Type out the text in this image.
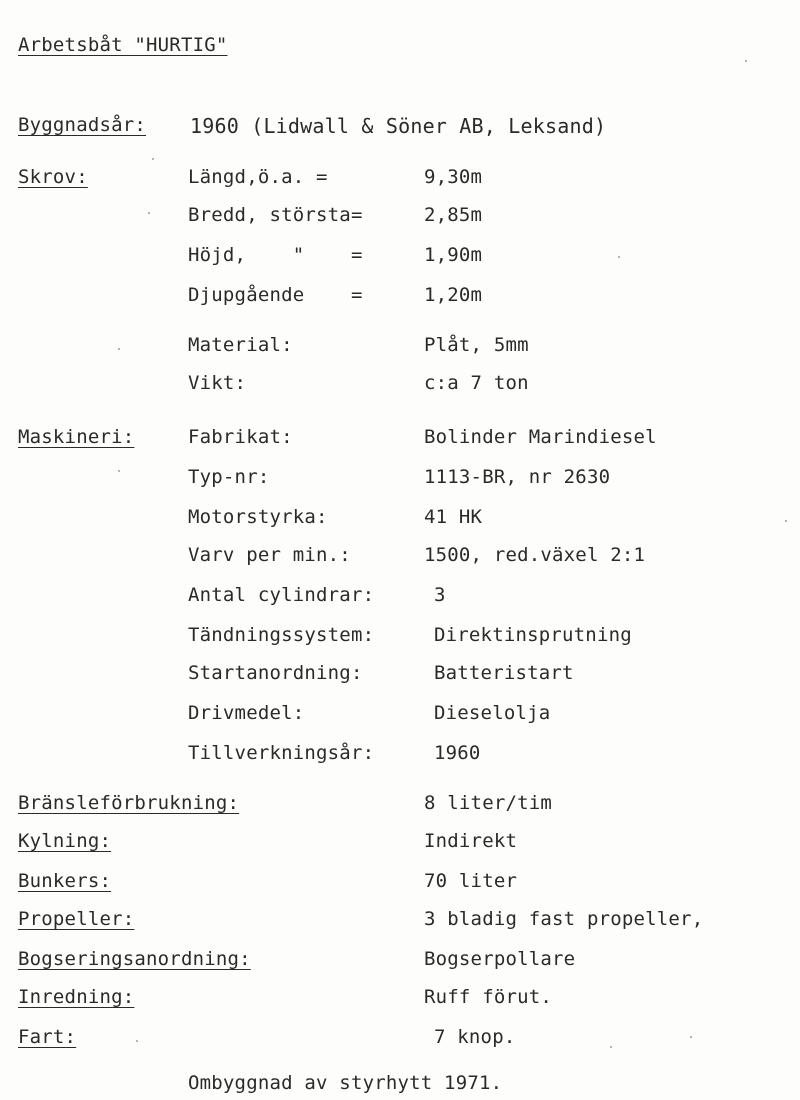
Arbetsbåt "HURTIG"
Byggnadsår: 1960 (Lidwall & Söner AB, Leksand)
Skrov:	Längd,ö.a. =	9,30m
Bredd, största=	2,85m
Höjd,    "    =	1,90m
Djupgående    =	1,20m
Material:	Plåt, 5mm
Vikt:	c:a 7 ton
Maskineri:	Fabrikat:	Bolinder Marindiesel
Typ-nr:	1113-BR, nr 2630
Motorstyrka:	41 HK
Varv per min.:	1500, red.växel 2:1
Antal cylindrar:	3
Tändningssystem:	Direktinsprutning
Startanordning:	Batteristart
Drivmedel:	Dieselolja
Tillverkningsår:	1960
Bränsleförbrukning:	8 liter/tim
Kylning:	Indirekt
Bunkers:	70 liter
Propeller:	3 bladig fast propeller,
Bogseringsanordning:	Bogserpollare
Inredning:	Ruff förut.
Fart:	7 knop.
Ombyggnad av styrhytt 1971.
